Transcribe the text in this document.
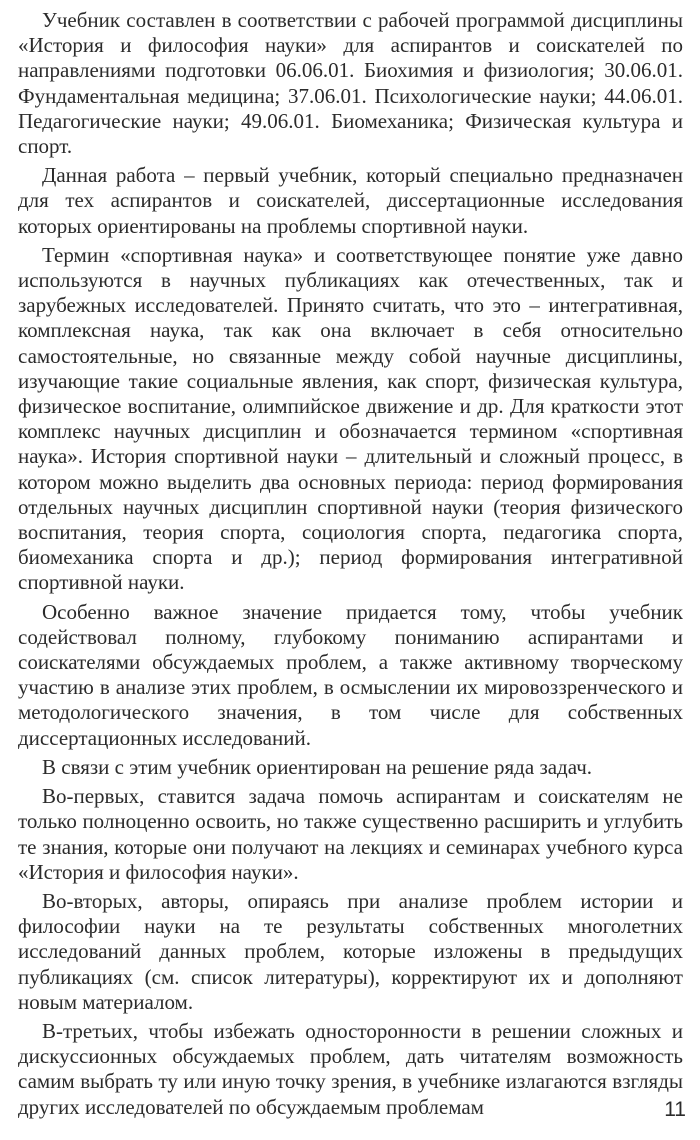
Учебник составлен в соответствии с рабочей программой дисциплины «История и философия науки» для аспирантов и соискателей по направлениями подготовки 06.06.01. Биохимия и физиология; 30.06.01. Фундаментальная медицина; 37.06.01. Психологические науки; 44.06.01. Педагогические науки; 49.06.01. Биомеханика; Физическая культура и спорт.

Данная работа – первый учебник, который специально предназначен для тех аспирантов и соискателей, диссертационные исследования которых ориентированы на проблемы спортивной науки.

Термин «спортивная наука» и соответствующее понятие уже давно используются в научных публикациях как отечественных, так и зарубежных исследователей. Принято считать, что это – интегративная, комплексная наука, так как она включает в себя относительно самостоятельные, но связанные между собой научные дисциплины, изучающие такие социальные явления, как спорт, физическая культура, физическое воспитание, олимпийское движение и др. Для краткости этот комплекс научных дисциплин и обозначается термином «спортивная наука». История спортивной науки – длительный и сложный процесс, в котором можно выделить два основных периода: период формирования отдельных научных дисциплин спортивной науки (теория физического воспитания, теория спорта, социология спорта, педагогика спорта, биомеханика спорта и др.); период формирования интегративной спортивной науки.

Особенно важное значение придается тому, чтобы учебник содействовал полному, глубокому пониманию аспирантами и соискателями обсуждаемых проблем, а также активному творческому участию в анализе этих проблем, в осмыслении их мировоззренческого и методологического значения, в том числе для собственных диссертационных исследований.

В связи с этим учебник ориентирован на решение ряда задач.

Во-первых, ставится задача помочь аспирантам и соискателям не только полноценно освоить, но также существенно расширить и углубить те знания, которые они получают на лекциях и семинарах учебного курса «История и философия науки».

Во-вторых, авторы, опираясь при анализе проблем истории и философии науки на те результаты собственных многолетних исследований данных проблем, которые изложены в предыдущих публикациях (см. список литературы), корректируют их и дополняют новым материалом.

В-третьих, чтобы избежать односторонности в решении сложных и дискуссионных обсуждаемых проблем, дать читателям возможность самим выбрать ту или иную точку зрения, в учебнике излагаются взгляды других исследователей по обсуждаемым проблемам	11
